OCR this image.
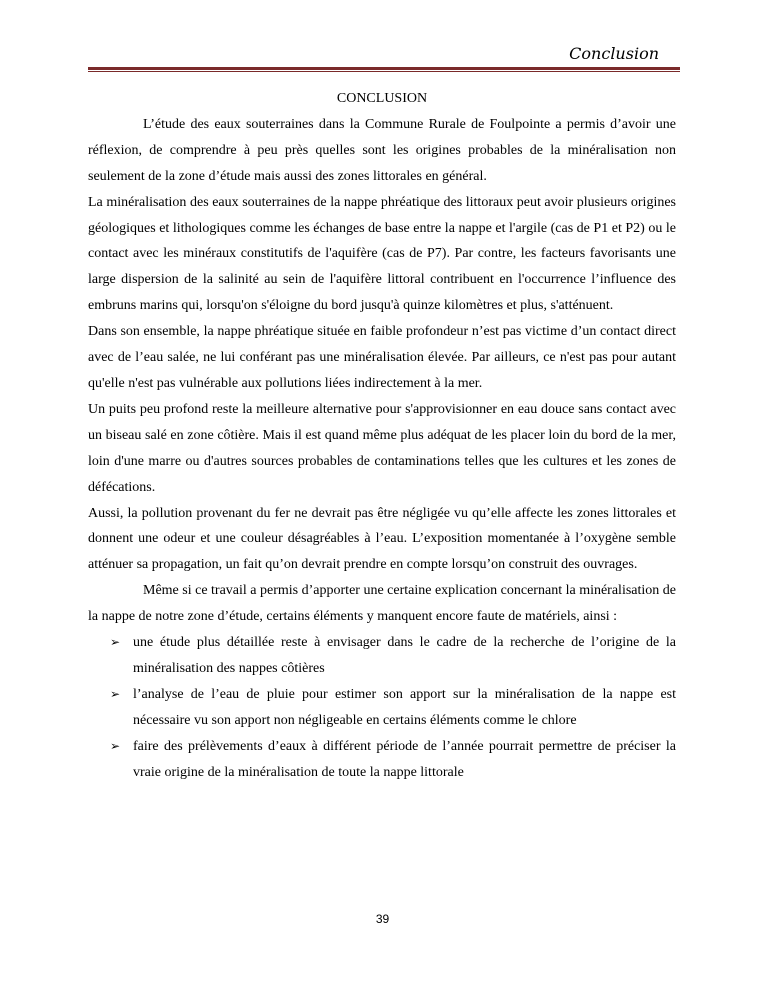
Conclusion

CONCLUSION

L’étude des eaux souterraines dans la Commune Rurale de Foulpointe a permis d’avoir une réflexion, de comprendre à peu près quelles sont les origines probables de la minéralisation non seulement de la zone d’étude mais aussi des zones littorales en général.

La minéralisation des eaux souterraines de la nappe phréatique des littoraux peut avoir plusieurs origines géologiques et lithologiques comme les échanges de base entre la nappe et l'argile (cas de P1 et P2) ou le contact avec les minéraux constitutifs de l'aquifère (cas de P7). Par contre, les facteurs favorisants une large dispersion de la salinité au sein de l'aquifère littoral contribuent en l'occurrence l’influence des embruns marins qui, lorsqu'on s'éloigne du bord jusqu'à quinze kilomètres et plus, s'atténuent.

Dans son ensemble, la nappe phréatique située en faible profondeur n’est pas victime d’un contact direct avec de l’eau salée, ne lui conférant pas une minéralisation élevée. Par ailleurs, ce n'est pas pour autant qu'elle n'est pas vulnérable aux pollutions liées indirectement à la mer.

Un puits peu profond reste la meilleure alternative pour s'approvisionner en eau douce sans contact avec un biseau salé en zone côtière. Mais il est quand même plus adéquat de les placer loin du bord de la mer, loin d'une marre ou d'autres sources probables de contaminations telles que les cultures et les zones de défécations.

Aussi, la pollution provenant du fer ne devrait pas être négligée vu qu’elle affecte les zones littorales et donnent une odeur et une couleur désagréables à l’eau. L’exposition momentanée à l’oxygène semble atténuer sa propagation, un fait qu’on devrait prendre en compte lorsqu’on construit des ouvrages.

Même si ce travail a permis d’apporter une certaine explication concernant la minéralisation de la nappe de notre zone d’étude, certains éléments y manquent encore faute de matériels, ainsi :

➢ une étude plus détaillée reste à envisager dans le cadre de la recherche de l’origine de la minéralisation des nappes côtières
➢ l’analyse de l’eau de pluie pour estimer son apport sur la minéralisation de la nappe est nécessaire vu son apport non négligeable en certains éléments comme le chlore
➢ faire des prélèvements d’eaux à différent période de l’année pourrait permettre de préciser la vraie origine de la minéralisation de toute la nappe littorale
39
